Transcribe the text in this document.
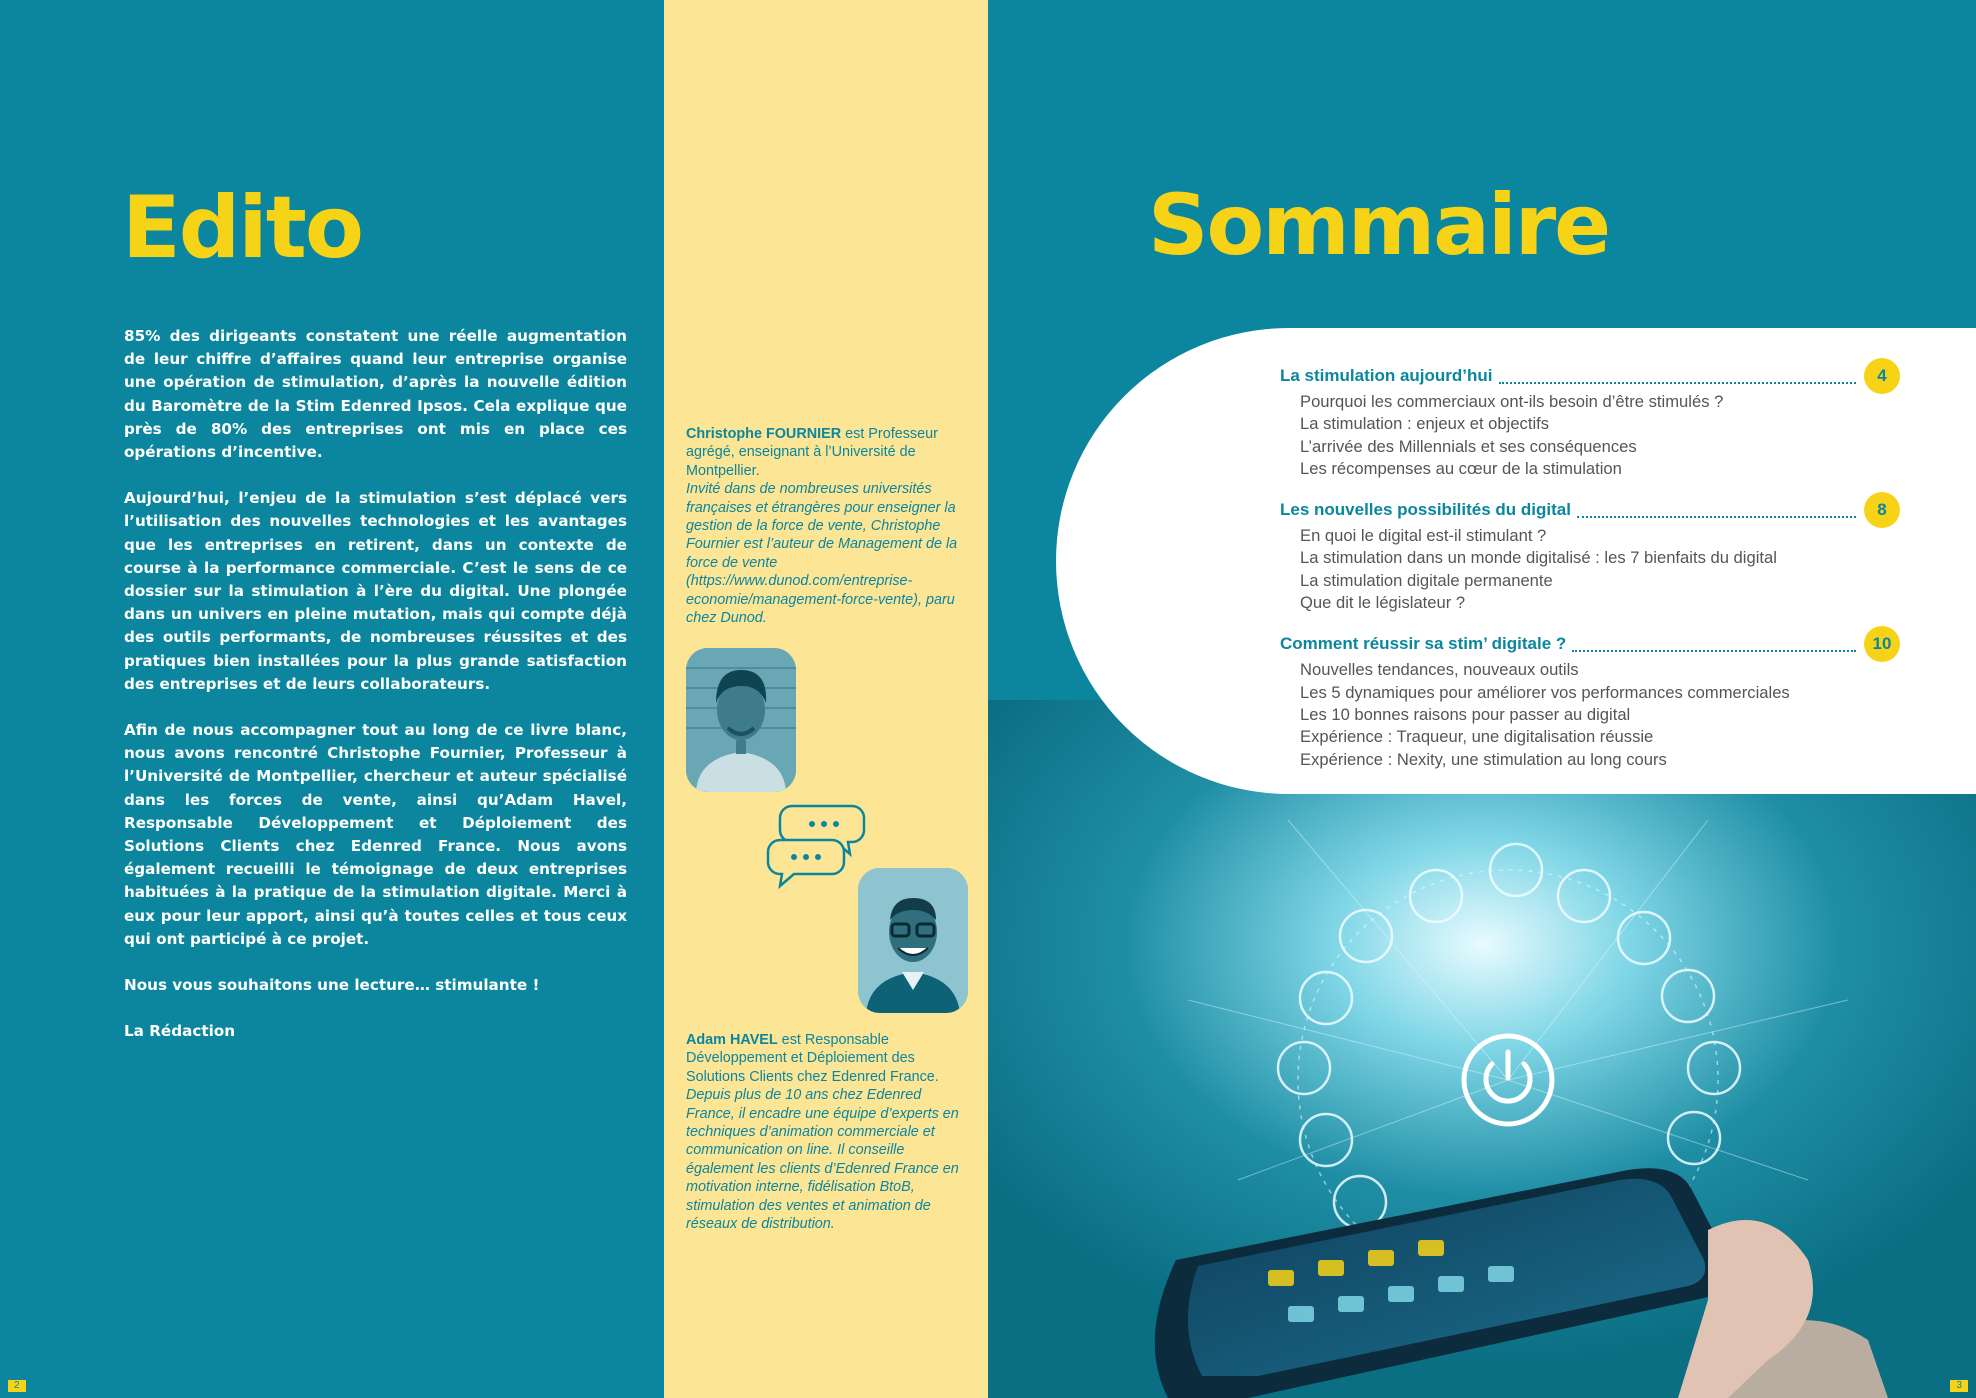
Edito

85% des dirigeants constatent une réelle augmentation de leur chiffre d’affaires quand leur entreprise organise une opération de stimulation, d’après la nouvelle édition du Baromètre de la Stim Edenred Ipsos. Cela explique que près de 80% des entreprises ont mis en place ces opérations d’incentive.

Aujourd’hui, l’enjeu de la stimulation s’est déplacé vers l’utilisation des nouvelles technologies et les avantages que les entreprises en retirent, dans un contexte de course à la performance commerciale. C’est le sens de ce dossier sur la stimulation à l’ère du digital. Une plongée dans un univers en pleine mutation, mais qui compte déjà des outils performants, de nombreuses réussites et des pratiques bien installées pour la plus grande satisfaction des entreprises et de leurs collaborateurs.

Afin de nous accompagner tout au long de ce livre blanc, nous avons rencontré Christophe Fournier, Professeur à l’Université de Montpellier, chercheur et auteur spécialisé dans les forces de vente, ainsi qu’Adam Havel, Responsable Développement et Déploiement des Solutions Clients chez Edenred France. Nous avons également recueilli le témoignage de deux entreprises habituées à la pratique de la stimulation digitale. Merci à eux pour leur apport, ainsi qu’à toutes celles et tous ceux qui ont participé à ce projet.

Nous vous souhaitons une lecture… stimulante !

La Rédaction

2
Christophe FOURNIER est Professeur agrégé, enseignant à l’Université de Montpellier.
Invité dans de nombreuses universités françaises et étrangères pour enseigner la gestion de la force de vente, Christophe Fournier est l’auteur de Management de la force de vente (https://www.dunod.com/entreprise-economie/management-force-vente), paru chez Dunod.
Adam HAVEL est Responsable Développement et Déploiement des Solutions Clients chez Edenred France.
Depuis plus de 10 ans chez Edenred France, il encadre une équipe d’experts en techniques d’animation commerciale et communication on line. Il conseille également les clients d’Edenred France en motivation interne, fidélisation BtoB, stimulation des ventes et animation de réseaux de distribution.
Sommaire
La stimulation aujourd’hui	4
Pourquoi les commerciaux ont-ils besoin d’être stimulés ?
La stimulation : enjeux et objectifs
L’arrivée des Millennials et ses conséquences
Les récompenses au cœur de la stimulation
Les nouvelles possibilités du digital	8
En quoi le digital est-il stimulant ?
La stimulation dans un monde digitalisé : les 7 bienfaits du digital
La stimulation digitale permanente
Que dit le législateur ?
Comment réussir sa stim’ digitale ?	10
Nouvelles tendances, nouveaux outils
Les 5 dynamiques pour améliorer vos performances commerciales
Les 10 bonnes raisons pour passer au digital
Expérience : Traqueur, une digitalisation réussie
Expérience : Nexity, une stimulation au long cours
3
